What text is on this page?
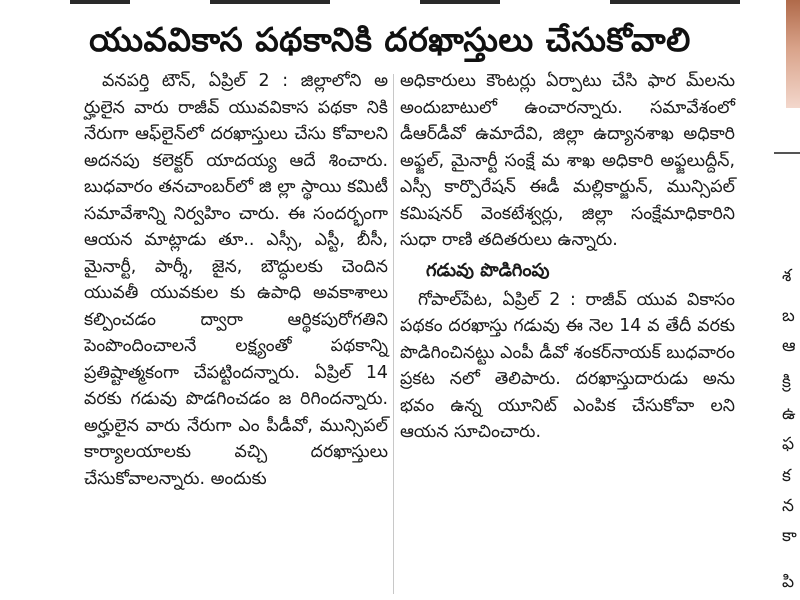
యువవికాస పథకానికి దరఖాస్తులు చేసుకోవాలి

వనపర్తి టౌన్, ఏప్రిల్ 2 : జిల్లాలోని అ ర్హులైన వారు రాజీవ్ యువవికాస పథకా నికి నేరుగా ఆఫ్‌లైన్‌లో దరఖాస్తులు చేసు కోవాలని అదనపు కలెక్టర్ యాదయ్య ఆదే శించారు. బుధవారం తనచాంబర్‌లో జి ల్లా స్థాయి కమిటీ సమావేశాన్ని నిర్వహిం చారు. ఈ సందర్భంగా ఆయన మాట్లాడు తూ.. ఎస్సీ, ఎస్టీ, బీసీ, మైనార్టీ, పార్శీ, జైన, బౌద్ధులకు చెందిన యువతీ యువకుల కు ఉపాధి అవకాశాలు కల్పించడం ద్వారా ఆర్థికపురోగతిని పెంపొందించాలనే లక్ష్యంతో పథకాన్ని ప్రతిష్టాత్మకంగా చేపట్టిందన్నారు. ఏప్రిల్ 14 వరకు గడువు పొడగించడం జ రిగిందన్నారు. అర్హులైన వారు నేరుగా ఎం పీడీవో, మున్సిపల్ కార్యాలయాలకు వచ్చి దరఖాస్తులు చేసుకోవాలన్నారు. అందుకు

అధికారులు కౌంటర్లు ఏర్పాటు చేసి ఫార మ్‌లను అందుబాటులో ఉంచారన్నారు. సమావేశంలో డీఆర్‌డీవో ఉమాదేవి, జిల్లా ఉద్యానశాఖ అధికారి అఫ్జల్, మైనార్టీ సంక్షే మ శాఖ అధికారి అఫ్జలుద్దీన్, ఎస్సీ కార్పొరేషన్ ఈడీ మల్లికార్జున్, మున్సిపల్ కమిషనర్ వెంకటేశ్వర్లు, జిల్లా సంక్షేమాధికారిని సుధా రాణి తదితరులు ఉన్నారు.

గడువు పొడిగింపు

గోపాల్‌పేట, ఏప్రిల్ 2 : రాజీవ్ యువ వికాసం పథకం దరఖాస్తు గడువు ఈ నెల 14 వ తేదీ వరకు పొడిగించినట్టు ఎంపీ డీవో శంకర్‌నాయక్ బుధవారం ప్రకట నలో తెలిపారు. దరఖాస్తుదారుడు అను భవం ఉన్న యూనిట్ ఎంపిక చేసుకోవా లని ఆయన సూచించారు.

శ
బ
ఆ
క్రి
ఉ
ఫ
క
న
కా
పి
